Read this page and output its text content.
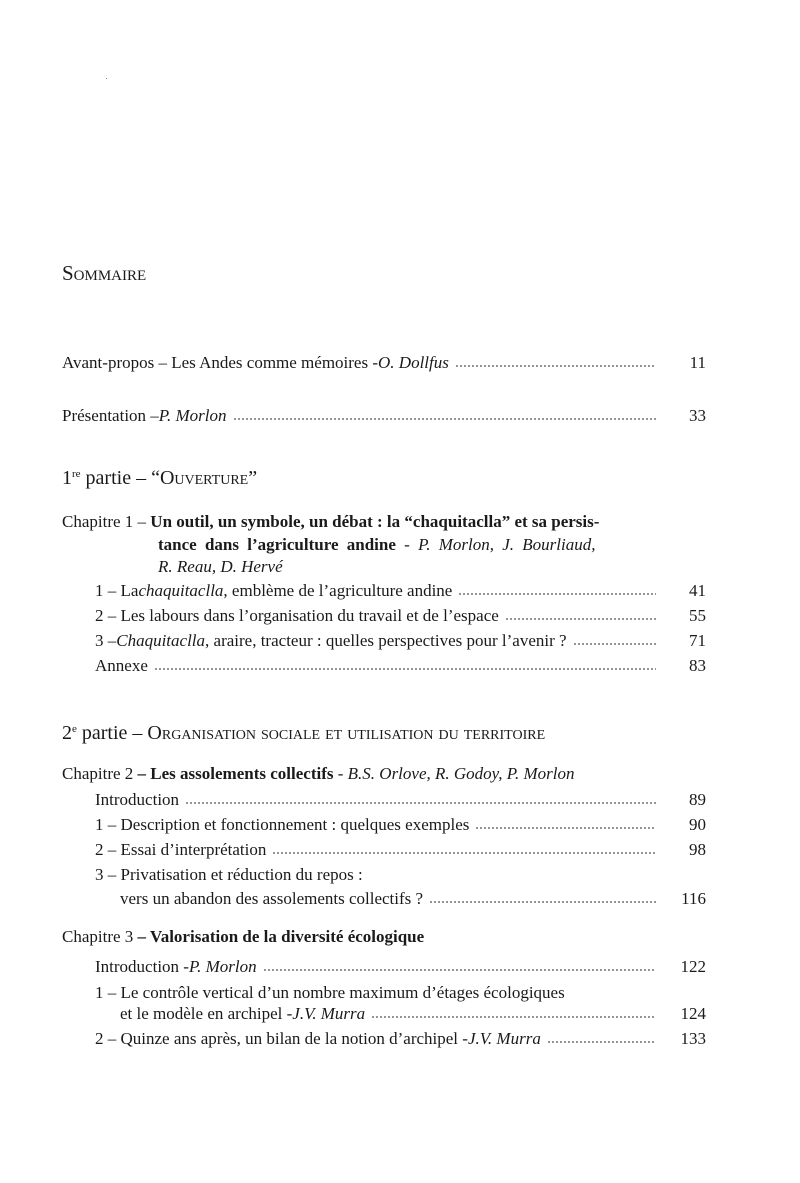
Sommaire
Avant-propos – Les Andes comme mémoires - O. Dollfus	11
Présentation – P. Morlon	33
1re partie – “Ouverture”
Chapitre 1 – Un outil, un symbole, un débat : la “chaquitaclla” et sa persis-
tance dans l’agriculture andine - P. Morlon, J. Bourliaud,
R. Reau, D. Hervé
1 – La chaquitaclla , emblème de l’agriculture andine	41
2 – Les labours dans l’organisation du travail et de l’espace	55
3 – Chaquitaclla , araire, tracteur : quelles perspectives pour l’avenir ?	71
Annexe	83
2e partie – Organisation sociale et utilisation du territoire
Chapitre 2 – Les assolements collectifs - B.S. Orlove, R. Godoy, P. Morlon
Introduction	89
1 – Description et fonctionnement : quelques exemples	90
2 – Essai d’interprétation	98
3 – Privatisation et réduction du repos :
vers un abandon des assolements collectifs ?	116
Chapitre 3 – Valorisation de la diversité écologique
Introduction - P. Morlon	122
1 – Le contrôle vertical d’un nombre maximum d’étages écologiques
et le modèle en archipel - J.V. Murra	124
2 – Quinze ans après, un bilan de la notion d’archipel - J.V. Murra	133
